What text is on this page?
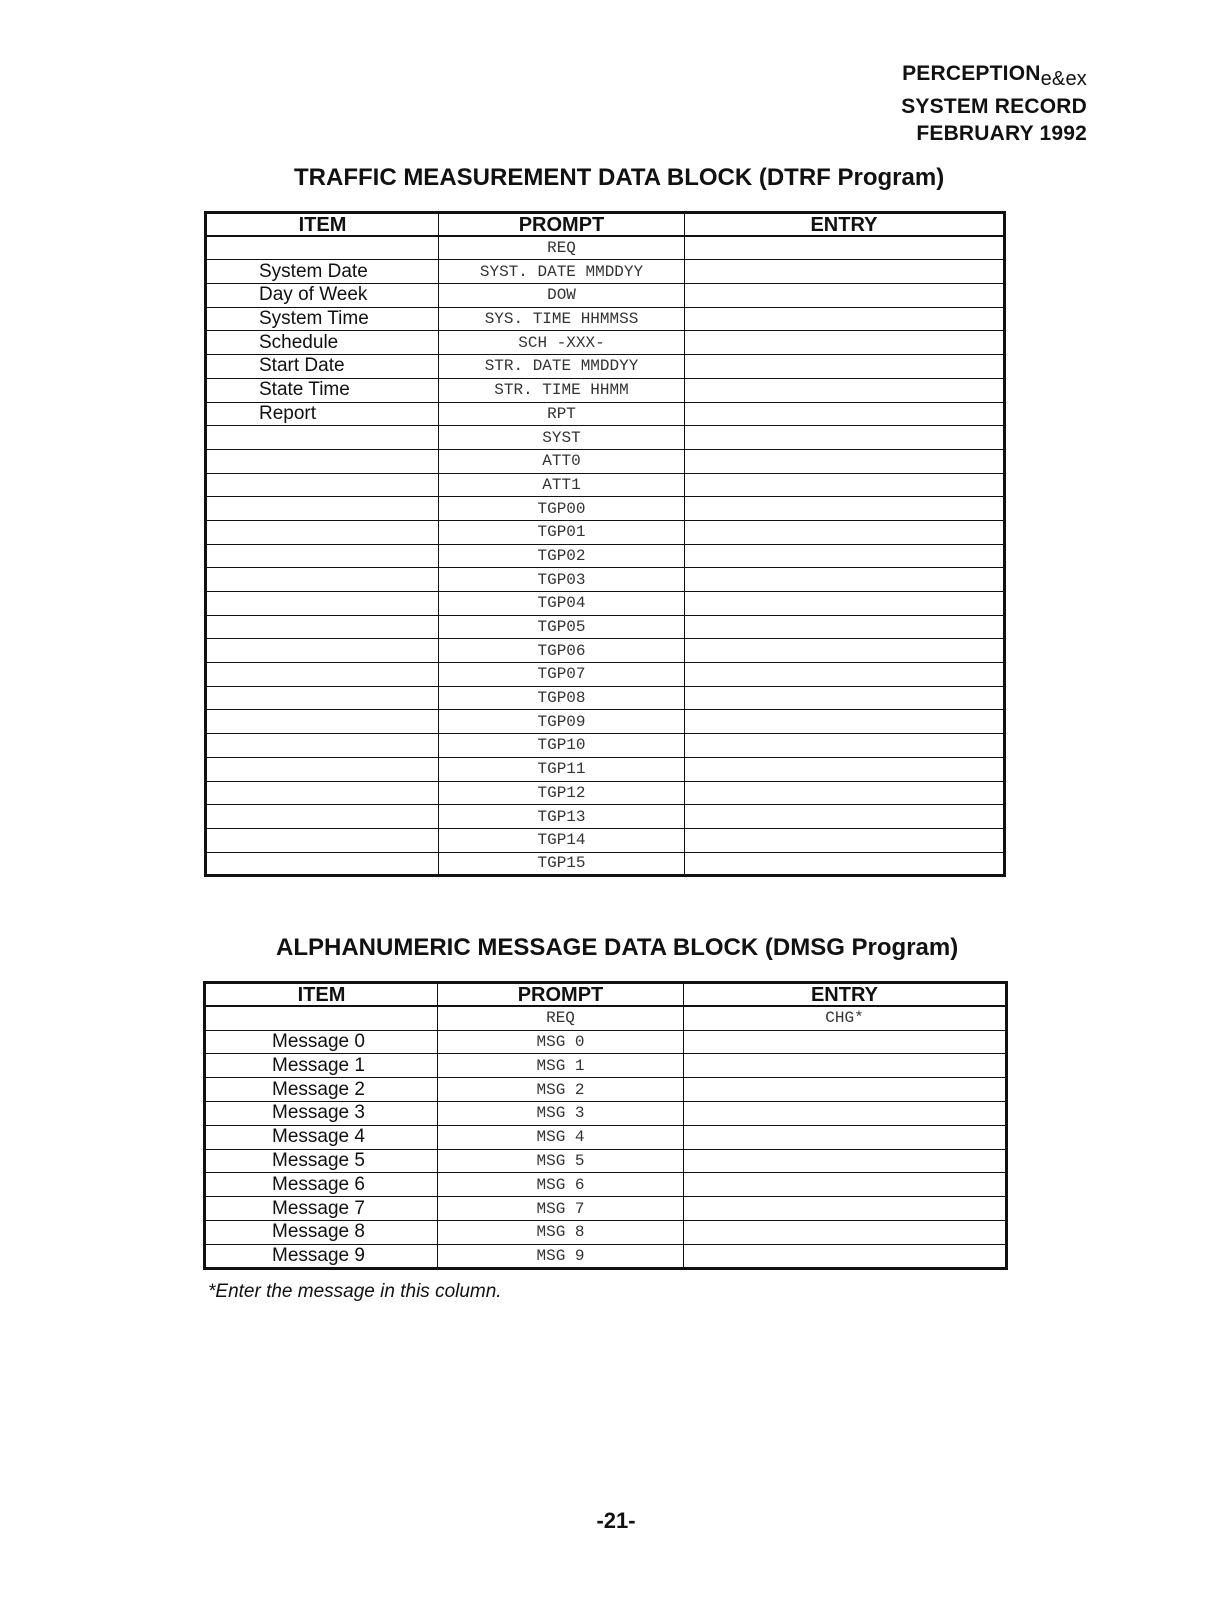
PERCEPTIONe&ex
SYSTEM RECORD
FEBRUARY 1992
TRAFFIC MEASUREMENT DATA BLOCK (DTRF Program)
ITEM	PROMPT	ENTRY
	REQ	
System Date	SYST. DATE MMDDYY	
Day of Week	DOW	
System Time	SYS. TIME HHMMSS	
Schedule	SCH -XXX-	
Start Date	STR. DATE MMDDYY	
State Time	STR. TIME HHMM	
Report	RPT	
	SYST	
	ATT0	
	ATT1	
	TGP00	
	TGP01	
	TGP02	
	TGP03	
	TGP04	
	TGP05	
	TGP06	
	TGP07	
	TGP08	
	TGP09	
	TGP10	
	TGP11	
	TGP12	
	TGP13	
	TGP14	
	TGP15	
ALPHANUMERIC MESSAGE DATA BLOCK (DMSG Program)
ITEM	PROMPT	ENTRY
	REQ	CHG*
Message 0	MSG 0	
Message 1	MSG 1	
Message 2	MSG 2	
Message 3	MSG 3	
Message 4	MSG 4	
Message 5	MSG 5	
Message 6	MSG 6	
Message 7	MSG 7	
Message 8	MSG 8	
Message 9	MSG 9	
*Enter the message in this column.
-21-
